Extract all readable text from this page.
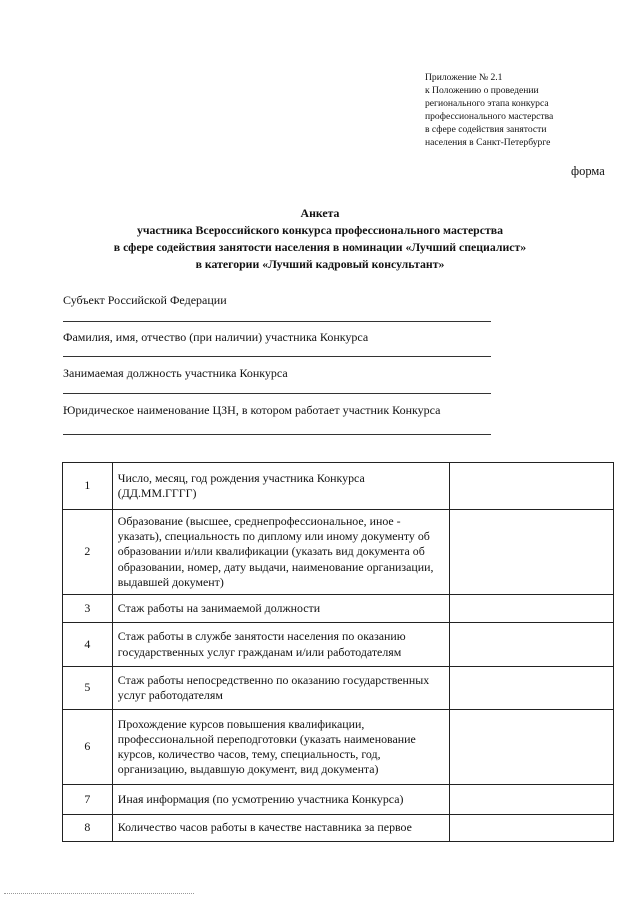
Приложение № 2.1
к Положению о проведении
регионального этапа конкурса
профессионального мастерства
в сфере содействия занятости
населения в Санкт-Петербурге
форма
Анкета
участника Всероссийского конкурса профессионального мастерства
в сфере содействия занятости населения в номинации «Лучший специалист»
в категории «Лучший кадровый консультант»
Субъект Российской Федерации
Фамилия, имя, отчество (при наличии) участника Конкурса
Занимаемая должность участника Конкурса
Юридическое наименование ЦЗН, в котором работает участник Конкурса
1	Число, месяц, год рождения участника Конкурса (ДД.ММ.ГГГГ)	
2	Образование (высшее, среднепрофессиональное, иное - указать), специальность по диплому или иному документу об образовании и/или квалификации (указать вид документа об образовании, номер, дату выдачи, наименование организации, выдавшей документ)	
3	Стаж работы на занимаемой должности	
4	Стаж работы в службе занятости населения по оказанию государственных услуг гражданам и/или работодателям	
5	Стаж работы непосредственно по оказанию государственных услуг работодателям	
6	Прохождение курсов повышения квалификации, профессиональной переподготовки (указать наименование курсов, количество часов, тему, специальность, год, организацию, выдавшую документ, вид документа)	
7	Иная информация (по усмотрению участника Конкурса)	
8	Количество часов работы в качестве наставника за первое	
